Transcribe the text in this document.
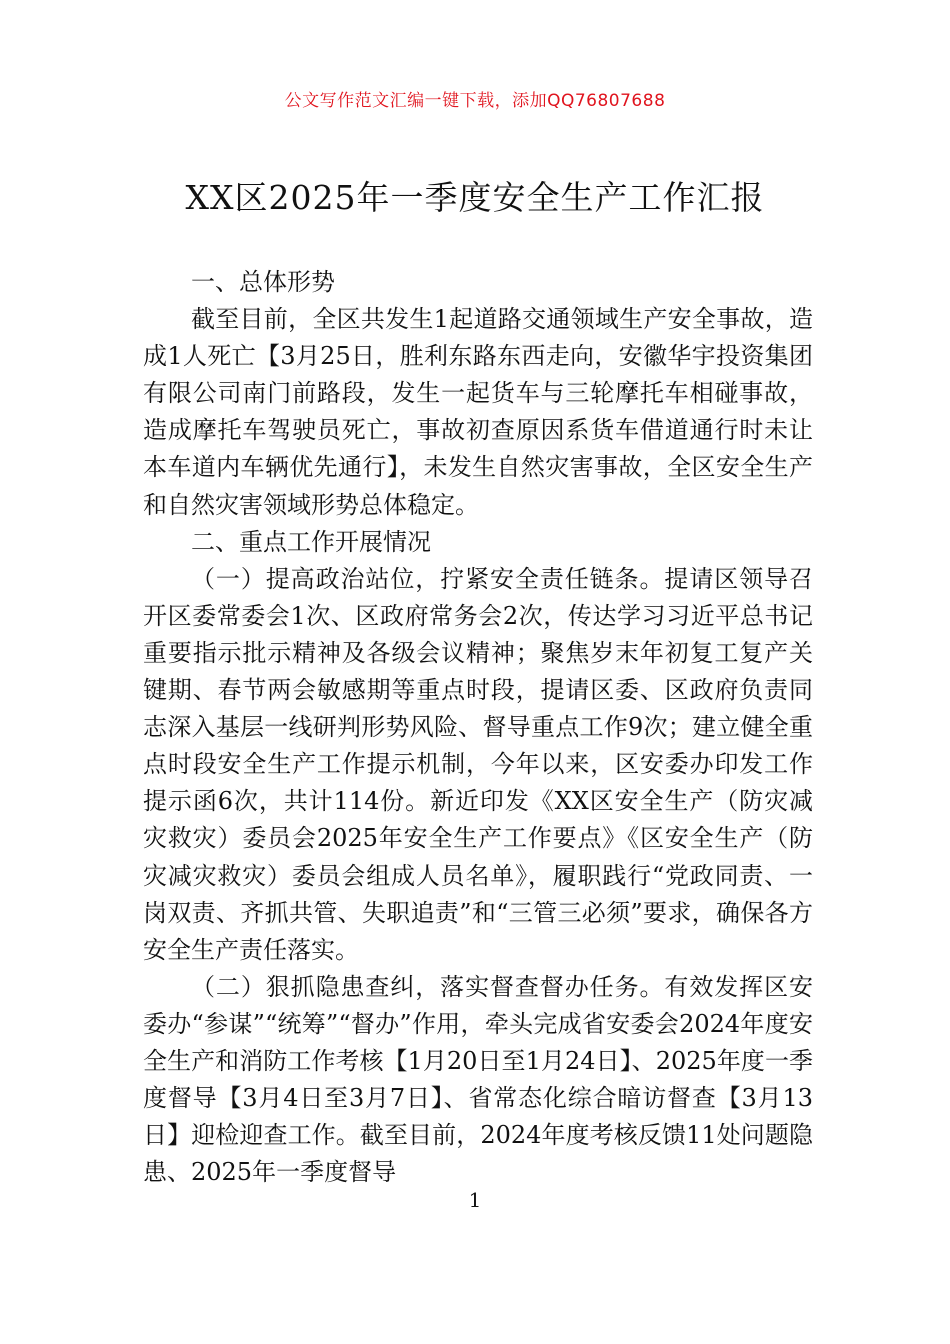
公文写作范文汇编一键下载，添加QQ76807688
XX区2025年一季度安全生产工作汇报

一、总体形势

截至目前，全区共发生1起道路交通领域生产安全事故，造成1人死亡【3月25日，胜利东路东西走向，安徽华宇投资集团有限公司南门前路段，发生一起货车与三轮摩托车相碰事故，造成摩托车驾驶员死亡，事故初查原因系货车借道通行时未让本车道内车辆优先通行】，未发生自然灾害事故，全区安全生产和自然灾害领域形势总体稳定。

二、重点工作开展情况

（一）提高政治站位，拧紧安全责任链条。提请区领导召开区委常委会1次、区政府常务会2次，传达学习习近平总书记重要指示批示精神及各级会议精神；聚焦岁末年初复工复产关键期、春节两会敏感期等重点时段，提请区委、区政府负责同志深入基层一线研判形势风险、督导重点工作9次；建立健全重点时段安全生产工作提示机制，今年以来，区安委办印发工作提示函6次，共计114份。新近印发《XX区安全生产（防灾减灾救灾）委员会2025年安全生产工作要点》《区安全生产（防灾减灾救灾）委员会组成人员名单》，履职践行“党政同责、一岗双责、齐抓共管、失职追责”和“三管三必须”要求，确保各方安全生产责任落实。

（二）狠抓隐患查纠，落实督查督办任务。有效发挥区安委办“参谋”“统筹”“督办”作用，牵头完成省安委会2024年度安全生产和消防工作考核【1月20日至1月24日】、2025年度一季度督导【3月4日至3月7日】、省常态化综合暗访督查【3月13日】迎检迎查工作。截至目前，2024年度考核反馈11处问题隐患、2025年一季度督导

1
